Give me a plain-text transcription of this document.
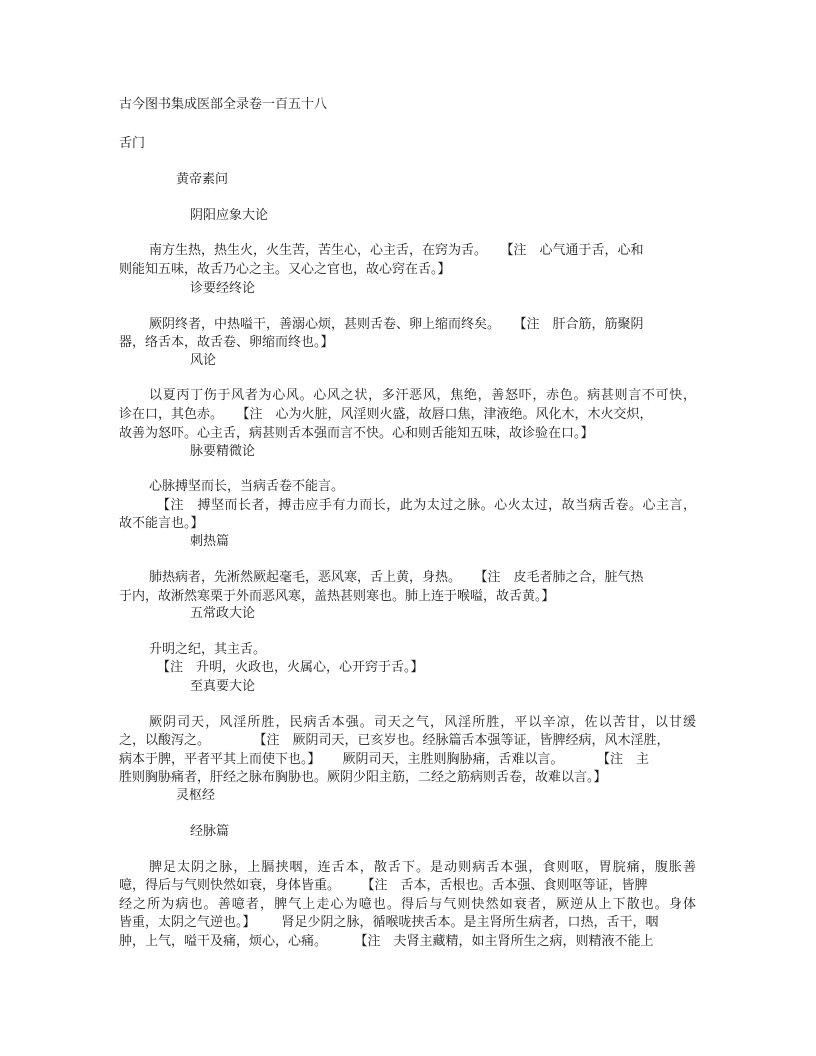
古今图书集成医部全录卷一百五十八
舌门
黄帝素问
阴阳应象大论
南方生热，热生火，火生苦，苦生心，心主舌，在窍为舌。 【注　心气通于舌，心和
则能知五味，故舌乃心之主。又心之官也，故心窍在舌。】
诊要经终论
厥阴终者，中热嗌干，善溺心烦，甚则舌卷、卵上缩而终矣。 【注　肝合筋，筋聚阴
器，络舌本，故舌卷、卵缩而终也。】
风论
以夏丙丁伤于风者为心风。心风之状，多汗恶风，焦绝，善怒吓，赤色。病甚则言不可快，
诊在口，其色赤。 【注　心为火脏，风淫则火盛，故唇口焦，津液绝。风化木，木火交炽，
故善为怒吓。心主舌，病甚则舌本强而言不快。心和则舌能知五味，故诊验在口。】
脉要精微论
心脉搏坚而长，当病舌卷不能言。
【注　搏坚而长者，搏击应手有力而长，此为太过之脉。心火太过，故当病舌卷。心主言，
故不能言也。】
刺热篇
肺热病者，先淅然厥起毫毛，恶风寒，舌上黄，身热。 【注　皮毛者肺之合，脏气热
于内，故淅然寒栗于外而恶风寒，盖热甚则寒也。肺上连于喉嗌，故舌黄。】
五常政大论
升明之纪，其主舌。
【注　升明，火政也，火属心，心开窍于舌。】
至真要大论
厥阴司天，风淫所胜，民病舌本强。司天之气，风淫所胜，平以辛凉，佐以苦甘，以甘缓
之，以酸泻之。	【注　厥阴司天，已亥岁也。经脉篇舌本强等证，皆脾经病，风木淫胜，
病本于脾，平者平其上而使下也。】 厥阴司天，主胜则胸胁痛，舌难以言。	【注　主
胜则胸胁痛者，肝经之脉布胸胁也。厥阴少阳主筋，二经之筋病则舌卷，故难以言。】
灵枢经
经脉篇
脾足太阴之脉，上膈挟咽，连舌本，散舌下。是动则病舌本强，食则呕，胃脘痛，腹胀善
噫，得后与气则快然如衰，身体皆重。 【注　舌本，舌根也。舌本强、食则呕等证，皆脾
经之所为病也。善噫者，脾气上走心为噫也。得后与气则快然如衰者，厥逆从上下散也。身体
皆重，太阴之气逆也。】 肾足少阴之脉，循喉咙挟舌本。是主肾所生病者，口热，舌干，咽
肿，上气，嗌干及痛，烦心，心痛。	【注　夫肾主藏精，如主肾所生之病，则精液不能上
